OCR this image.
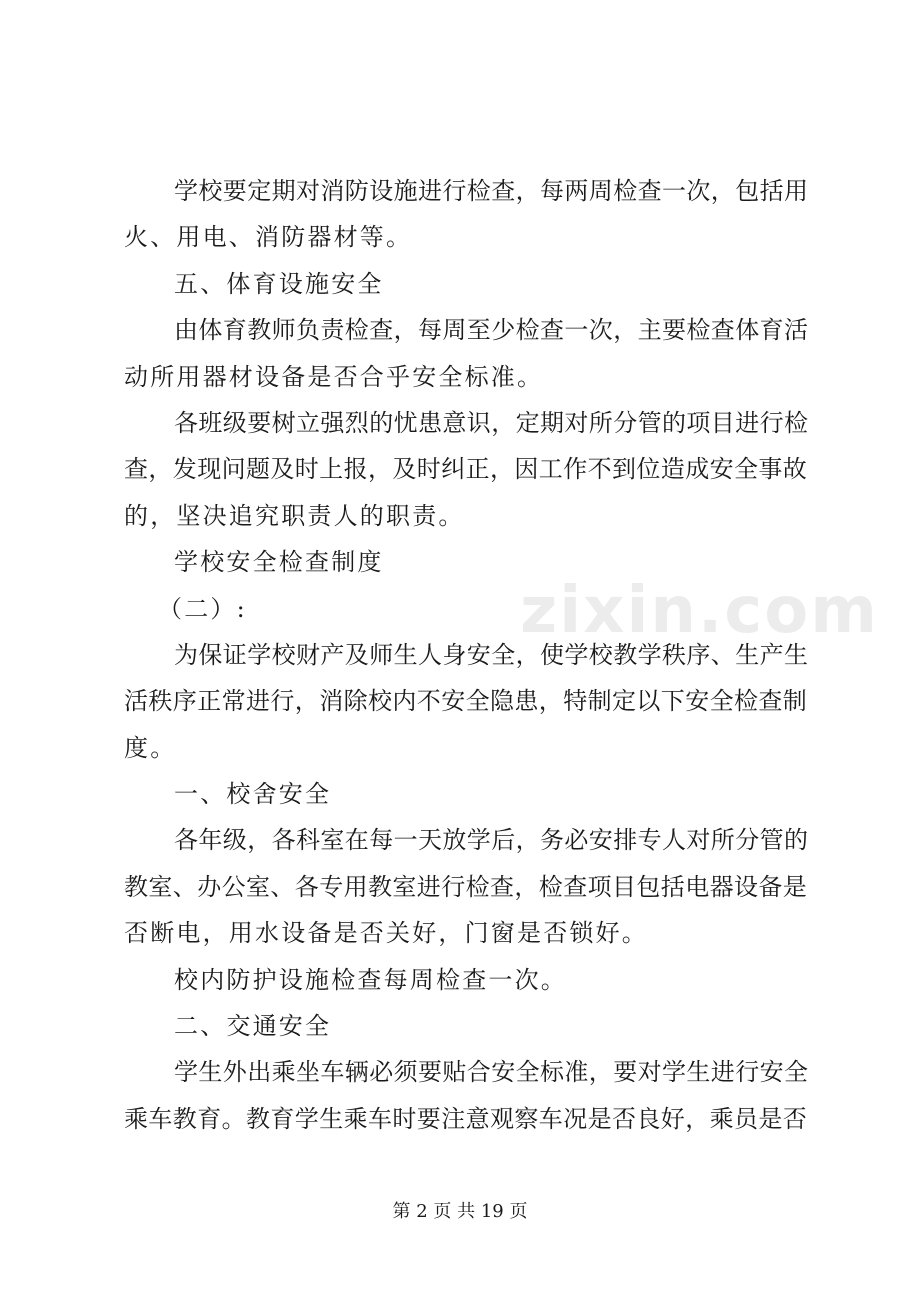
学校要定期对消防设施进行检查，每两周检查一次，包括用
火、用电、消防器材等。
五、体育设施安全
由体育教师负责检查，每周至少检查一次，主要检查体育活
动所用器材设备是否合乎安全标准。
各班级要树立强烈的忧患意识，定期对所分管的项目进行检
查，发现问题及时上报，及时纠正，因工作不到位造成安全事故
的，坚决追究职责人的职责。
学校安全检查制度
（二）:
为保证学校财产及师生人身安全，使学校教学秩序、生产生
活秩序正常进行，消除校内不安全隐患，特制定以下安全检查制
度。
一、校舍安全
各年级，各科室在每一天放学后，务必安排专人对所分管的
教室、办公室、各专用教室进行检查，检查项目包括电器设备是
否断电，用水设备是否关好，门窗是否锁好。
校内防护设施检查每周检查一次。
二、交通安全
学生外出乘坐车辆必须要贴合安全标准，要对学生进行安全
乘车教育。教育学生乘车时要注意观察车况是否良好，乘员是否
zixin.com
第 2 页 共 19 页
